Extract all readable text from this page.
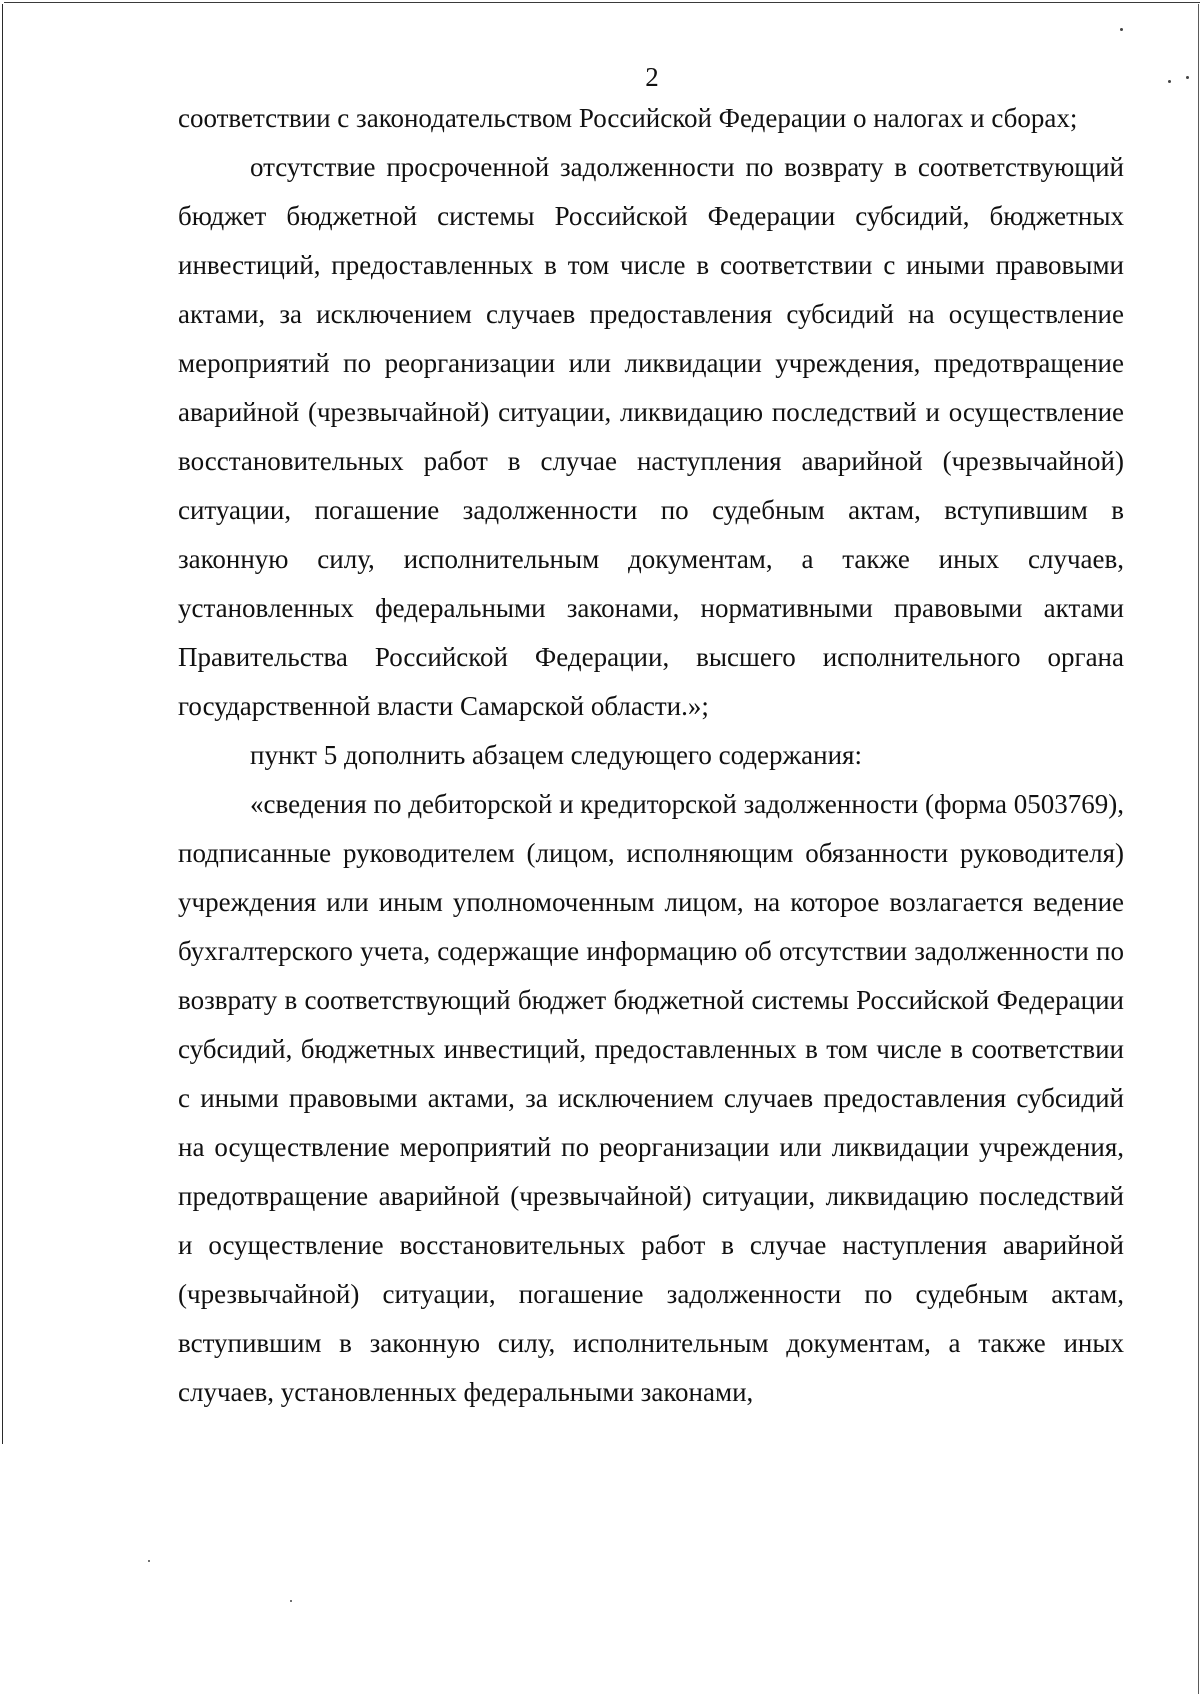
2

соответствии с законодательством Российской Федерации о налогах и сборах;

отсутствие просроченной задолженности по возврату в соответствующий бюджет бюджетной системы Российской Федерации субсидий, бюджетных инвестиций, предоставленных в том числе в соответствии с иными правовыми актами, за исключением случаев предоставления субсидий на осуществление мероприятий по реорганизации или ликвидации учреждения, предотвращение аварийной (чрезвычайной) ситуации, ликвидацию последствий и осуществление восстановительных работ в случае наступления аварийной (чрезвычайной) ситуации, погашение задолженности по судебным актам, вступившим в законную силу, исполнительным документам, а также иных случаев, установленных федеральными законами, нормативными правовыми актами Правительства Российской Федерации, высшего исполнительного органа государственной власти Самарской области.»;

пункт 5 дополнить абзацем следующего содержания:

«сведения по дебиторской и кредиторской задолженности (форма 0503769), подписанные руководителем (лицом, исполняющим обязанности руководителя) учреждения или иным уполномоченным лицом, на которое возлагается ведение бухгалтерского учета, содержащие информацию об отсутствии задолженности по возврату в соответствующий бюджет бюджетной системы Российской Федерации субсидий, бюджетных инвестиций, предоставленных в том числе в соответствии с иными правовыми актами, за исключением случаев предоставления субсидий на осуществление мероприятий по реорганизации или ликвидации учреждения, предотвращение аварийной (чрезвычайной) ситуации, ликвидацию последствий и осуществление восстановительных работ в случае наступления аварийной (чрезвычайной) ситуации, погашение задолженности по судебным актам, вступившим в законную силу, исполнительным документам, а также иных случаев, установленных федеральными законами,
